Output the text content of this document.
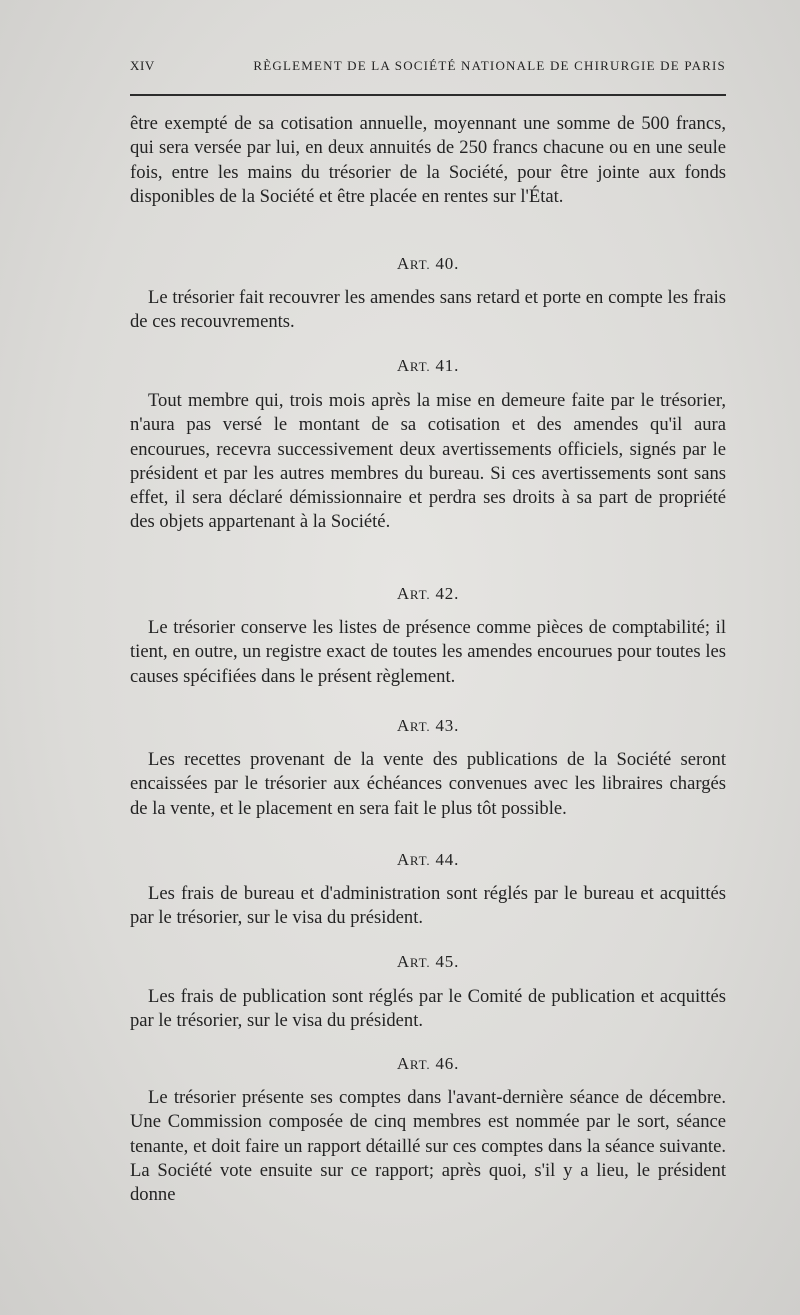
XIV	RÈGLEMENT DE LA SOCIÉTÉ NATIONALE DE CHIRURGIE DE PARIS

être exempté de sa cotisation annuelle, moyennant une somme de 500 francs, qui sera versée par lui, en deux annuités de 250 francs chacune ou en une seule fois, entre les mains du trésorier de la Société, pour être jointe aux fonds disponibles de la Société et être placée en rentes sur l'État.

ART. 40.

Le trésorier fait recouvrer les amendes sans retard et porte en compte les frais de ces recouvrements.

ART. 41.

Tout membre qui, trois mois après la mise en demeure faite par le trésorier, n'aura pas versé le montant de sa cotisation et des amendes qu'il aura encourues, recevra successivement deux avertissements officiels, signés par le président et par les autres membres du bureau. Si ces avertissements sont sans effet, il sera déclaré démissionnaire et perdra ses droits à sa part de propriété des objets appartenant à la Société.

ART. 42.

Le trésorier conserve les listes de présence comme pièces de comptabilité; il tient, en outre, un registre exact de toutes les amendes encourues pour toutes les causes spécifiées dans le présent règlement.

ART. 43.

Les recettes provenant de la vente des publications de la Société seront encaissées par le trésorier aux échéances convenues avec les libraires chargés de la vente, et le placement en sera fait le plus tôt possible.

ART. 44.

Les frais de bureau et d'administration sont réglés par le bureau et acquittés par le trésorier, sur le visa du président.

ART. 45.

Les frais de publication sont réglés par le Comité de publication et acquittés par le trésorier, sur le visa du président.

ART. 46.

Le trésorier présente ses comptes dans l'avant-dernière séance de décembre. Une Commission composée de cinq membres est nommée par le sort, séance tenante, et doit faire un rapport détaillé sur ces comptes dans la séance suivante. La Société vote ensuite sur ce rapport; après quoi, s'il y a lieu, le président donne
